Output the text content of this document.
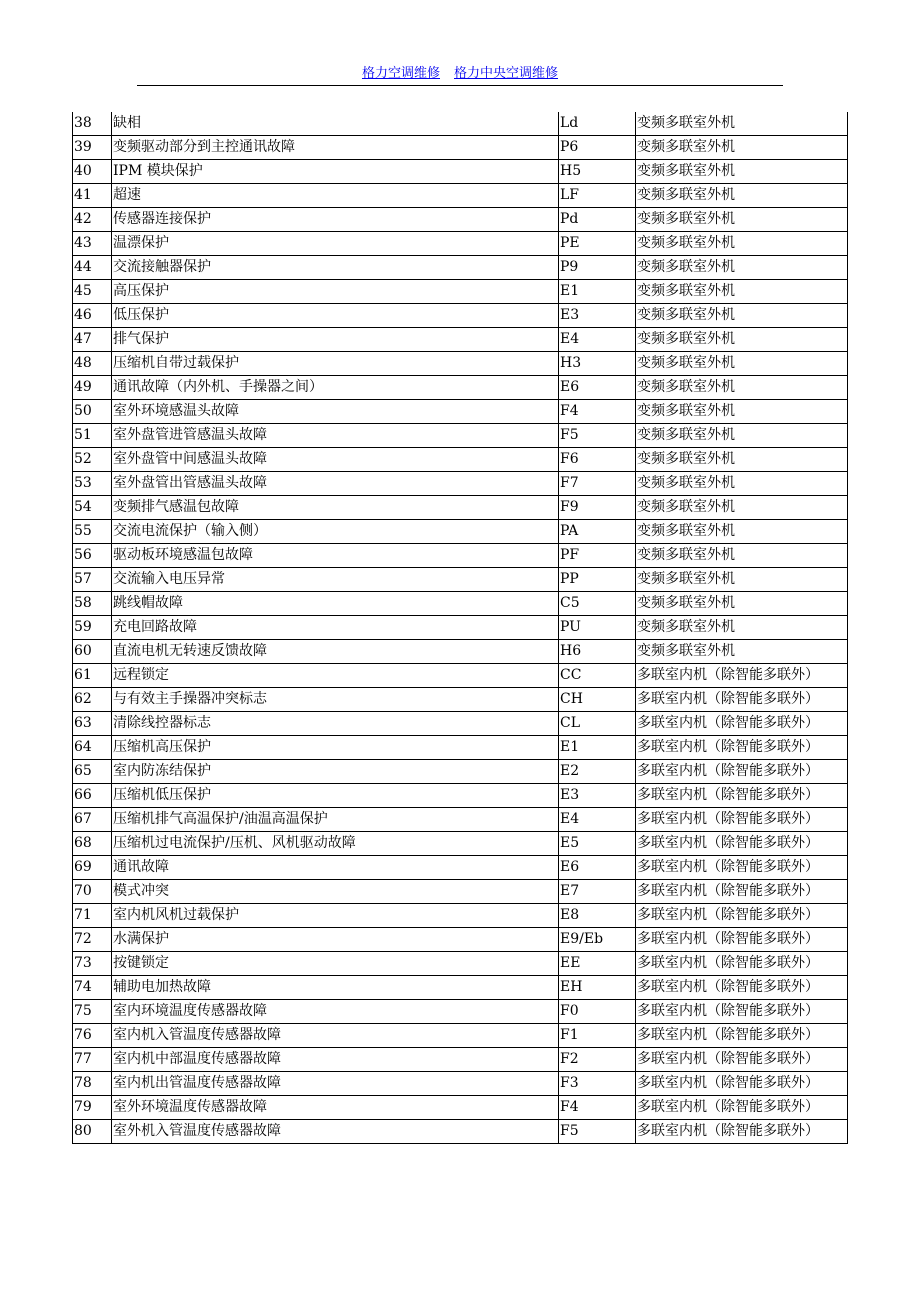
格力空调维修 格力中央空调维修
38	缺相	Ld	变频多联室外机
39	变频驱动部分到主控通讯故障	P6	变频多联室外机
40	IPM 模块保护	H5	变频多联室外机
41	超速	LF	变频多联室外机
42	传感器连接保护	Pd	变频多联室外机
43	温漂保护	PE	变频多联室外机
44	交流接触器保护	P9	变频多联室外机
45	高压保护	E1	变频多联室外机
46	低压保护	E3	变频多联室外机
47	排气保护	E4	变频多联室外机
48	压缩机自带过载保护	H3	变频多联室外机
49	通讯故障（内外机、手操器之间）	E6	变频多联室外机
50	室外环境感温头故障	F4	变频多联室外机
51	室外盘管进管感温头故障	F5	变频多联室外机
52	室外盘管中间感温头故障	F6	变频多联室外机
53	室外盘管出管感温头故障	F7	变频多联室外机
54	变频排气感温包故障	F9	变频多联室外机
55	交流电流保护（输入侧）	PA	变频多联室外机
56	驱动板环境感温包故障	PF	变频多联室外机
57	交流输入电压异常	PP	变频多联室外机
58	跳线帽故障	C5	变频多联室外机
59	充电回路故障	PU	变频多联室外机
60	直流电机无转速反馈故障	H6	变频多联室外机
61	远程锁定	CC	多联室内机（除智能多联外）
62	与有效主手操器冲突标志	CH	多联室内机（除智能多联外）
63	清除线控器标志	CL	多联室内机（除智能多联外）
64	压缩机高压保护	E1	多联室内机（除智能多联外）
65	室内防冻结保护	E2	多联室内机（除智能多联外）
66	压缩机低压保护	E3	多联室内机（除智能多联外）
67	压缩机排气高温保护/油温高温保护	E4	多联室内机（除智能多联外）
68	压缩机过电流保护/压机、风机驱动故障	E5	多联室内机（除智能多联外）
69	通讯故障	E6	多联室内机（除智能多联外）
70	模式冲突	E7	多联室内机（除智能多联外）
71	室内机风机过载保护	E8	多联室内机（除智能多联外）
72	水满保护	E9/Eb	多联室内机（除智能多联外）
73	按键锁定	EE	多联室内机（除智能多联外）
74	辅助电加热故障	EH	多联室内机（除智能多联外）
75	室内环境温度传感器故障	F0	多联室内机（除智能多联外）
76	室内机入管温度传感器故障	F1	多联室内机（除智能多联外）
77	室内机中部温度传感器故障	F2	多联室内机（除智能多联外）
78	室内机出管温度传感器故障	F3	多联室内机（除智能多联外）
79	室外环境温度传感器故障	F4	多联室内机（除智能多联外）
80	室外机入管温度传感器故障	F5	多联室内机（除智能多联外）
